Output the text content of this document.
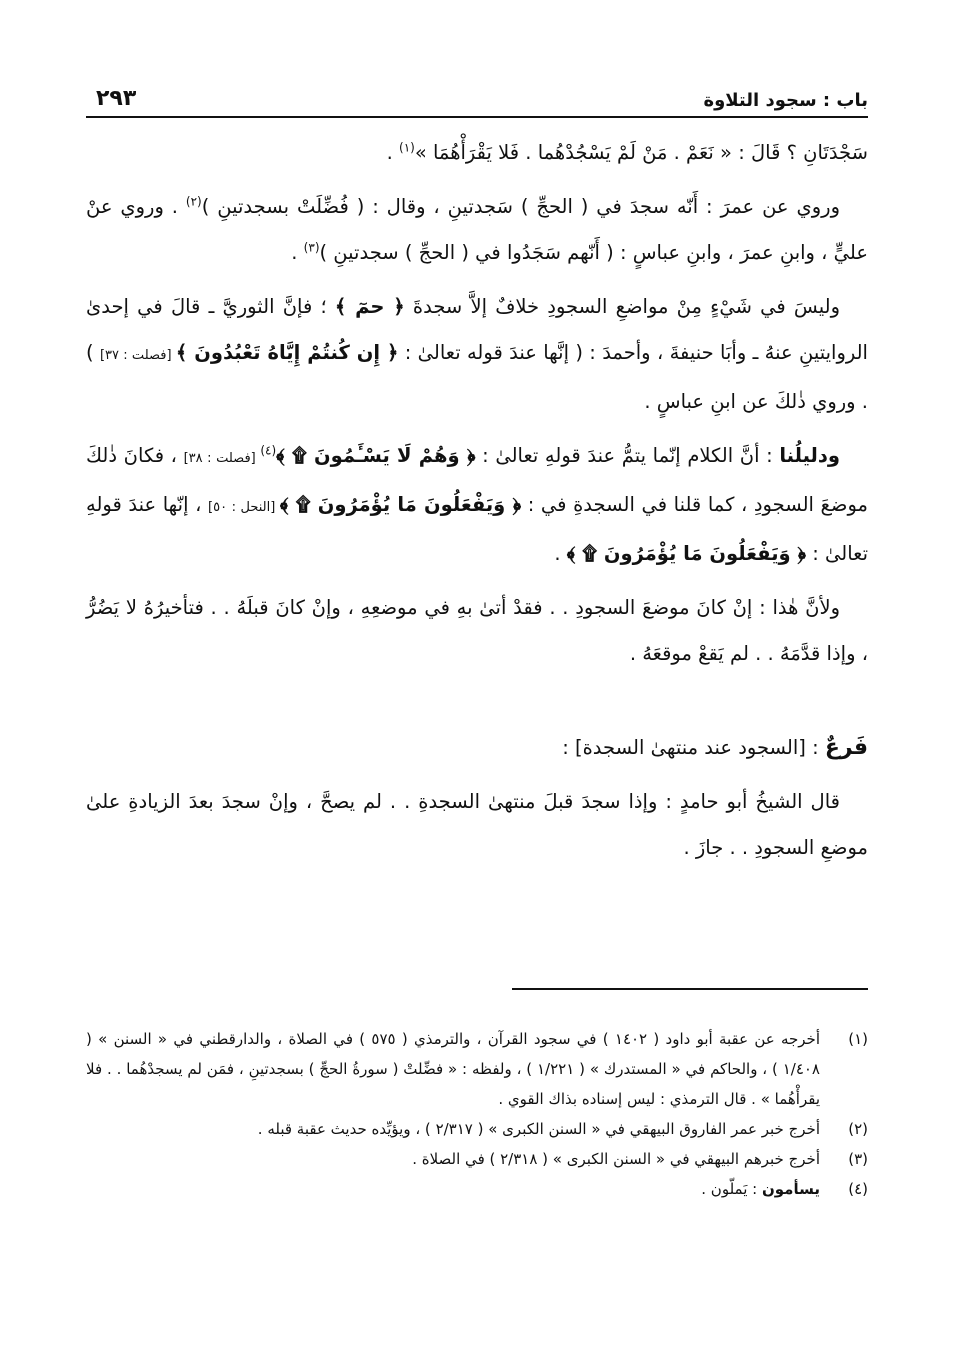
باب : سجود التلاوة
٢٩٣

سَجْدَتَانِ ؟ قَالَ : « نَعَمْ . مَنْ لَمْ يَسْجُدْهُما . فَلا يَقْرَأْهُمَا »$^{(١)}$ .

وروي عن عمرَ : أَنّه سجدَ في ( الحجِّ ) سَجدتينِ ، وقال : ( فُضِّلَتْ بسجدتينِ )$^{(٢)}$ . وروي عنْ عليٍّ ، وابنِ عمرَ ، وابنِ عباسٍ : ( أَنّهم سَجَدُوا في ( الحجِّ ) سجدتينِ )$^{(٣)}$ .

وليسَ في شَيْءٍ مِنْ مواضعِ السجودِ خلافٌ إلاَّ سجدةَ ﴿ حمٓ ﴾ ؛ فإنَّ الثوريَّ ـ قالَ في إحدىٰ الروايتينِ عنهُ ـ وأبَا حنيفةَ ، وأحمدَ : ( إنَّها عندَ قوله تعالىٰ : ﴿ إِن كُنتُمْ إِيَّاهُ تَعْبُدُونَ ﴾ [فصلت : ٣٧] ) . وروي ذٰلكَ عن ابنِ عباسٍ .

ودليلُنا : أنَّ الكلام إنّما يتمُّ عندَ قولهِ تعالىٰ : ﴿ وَهُمْ لَا يَسْـَٔمُونَ ۩ ﴾$^{(٤)}$ [فصلت : ٣٨] ، فكانَ ذٰلكَ موضعَ السجودِ ، كما قلنا في السجدةِ في : ﴿ وَيَفْعَلُونَ مَا يُؤْمَرُونَ ۩ ﴾ [النحل : ٥٠] ، إنّها عندَ قولهِ تعالىٰ : ﴿ وَيَفْعَلُونَ مَا يُؤْمَرُونَ ۩ ﴾ .

ولأنَّ هٰذا : إنْ كانَ موضعَ السجودِ . . فقدْ أتىٰ بهِ في موضعِهِ ، وإنْ كانَ قبلَهُ . . فتأخيرُهُ لا يَضُرُّ ، وإذا قدَّمَهُ . . لم يَقعْ موقعَهُ .

فَرعٌ : [السجود عند منتهىٰ السجدة] :

قال الشيخُ أبو حامدٍ : وإذا سجدَ قبلَ منتهىٰ السجدةِ . . لم يصحَّ ، وإنْ سجدَ بعدَ الزيادةِ علىٰ موضعِ السجودِ . . جازَ .

(١)
أخرجه عن عقبة أبو داود ( ١٤٠٢ ) في سجود القرآن ، والترمذي ( ٥٧٥ ) في الصلاة ، والدارقطني في « السنن » ( ١/٤٠٨ ) ، والحاكم في « المستدرك » ( ١/٢٢١ ) ، ولفظه : « فضِّلتْ ( سورةُ الحجِّ ) بسجدتينِ ، فمَن لم يسجدْهُما . . فلا يقرأْهُما » . قال الترمذي : ليس إسناده بذاك القوي .
(٢)
أخرج خبر عمر الفاروق البيهقي في « السنن الكبرى » ( ٢/٣١٧ ) ، ويؤيِّده حديث عقبة قبله .
(٣)
أخرج خبرهم البيهقي في « السنن الكبرى » ( ٢/٣١٨ ) في الصلاة .
(٤)
يسأمون : يَملّون .
